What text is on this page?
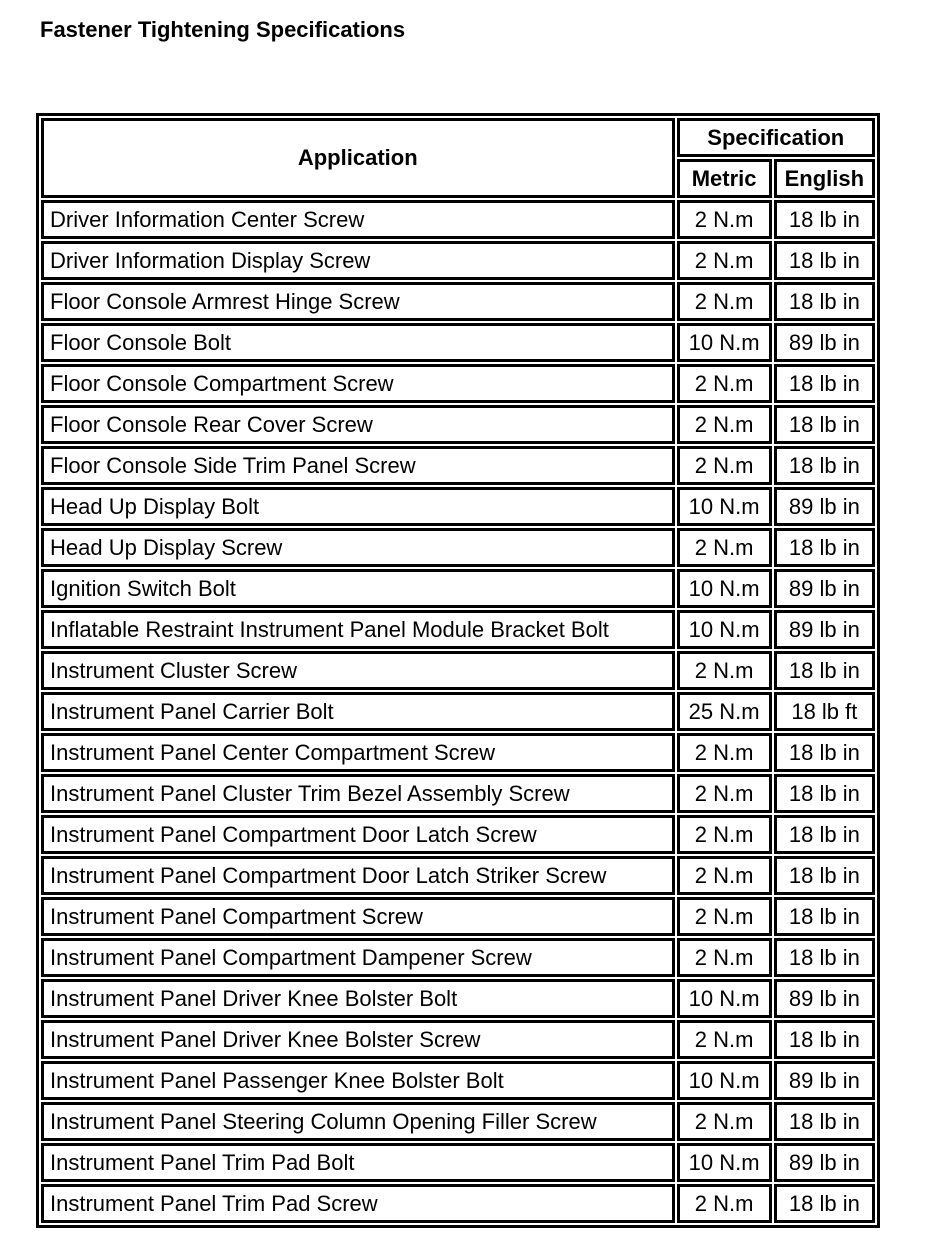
Fastener Tightening Specifications
Application	Specification	
	Metric	English
Driver Information Center Screw	2 N.m	18 lb in
Driver Information Display Screw	2 N.m	18 lb in
Floor Console Armrest Hinge Screw	2 N.m	18 lb in
Floor Console Bolt	10 N.m	89 lb in
Floor Console Compartment Screw	2 N.m	18 lb in
Floor Console Rear Cover Screw	2 N.m	18 lb in
Floor Console Side Trim Panel Screw	2 N.m	18 lb in
Head Up Display Bolt	10 N.m	89 lb in
Head Up Display Screw	2 N.m	18 lb in
Ignition Switch Bolt	10 N.m	89 lb in
Inflatable Restraint Instrument Panel Module Bracket Bolt	10 N.m	89 lb in
Instrument Cluster Screw	2 N.m	18 lb in
Instrument Panel Carrier Bolt	25 N.m	18 lb ft
Instrument Panel Center Compartment Screw	2 N.m	18 lb in
Instrument Panel Cluster Trim Bezel Assembly Screw	2 N.m	18 lb in
Instrument Panel Compartment Door Latch Screw	2 N.m	18 lb in
Instrument Panel Compartment Door Latch Striker Screw	2 N.m	18 lb in
Instrument Panel Compartment Screw	2 N.m	18 lb in
Instrument Panel Compartment Dampener Screw	2 N.m	18 lb in
Instrument Panel Driver Knee Bolster Bolt	10 N.m	89 lb in
Instrument Panel Driver Knee Bolster Screw	2 N.m	18 lb in
Instrument Panel Passenger Knee Bolster Bolt	10 N.m	89 lb in
Instrument Panel Steering Column Opening Filler Screw	2 N.m	18 lb in
Instrument Panel Trim Pad Bolt	10 N.m	89 lb in
Instrument Panel Trim Pad Screw	2 N.m	18 lb in
